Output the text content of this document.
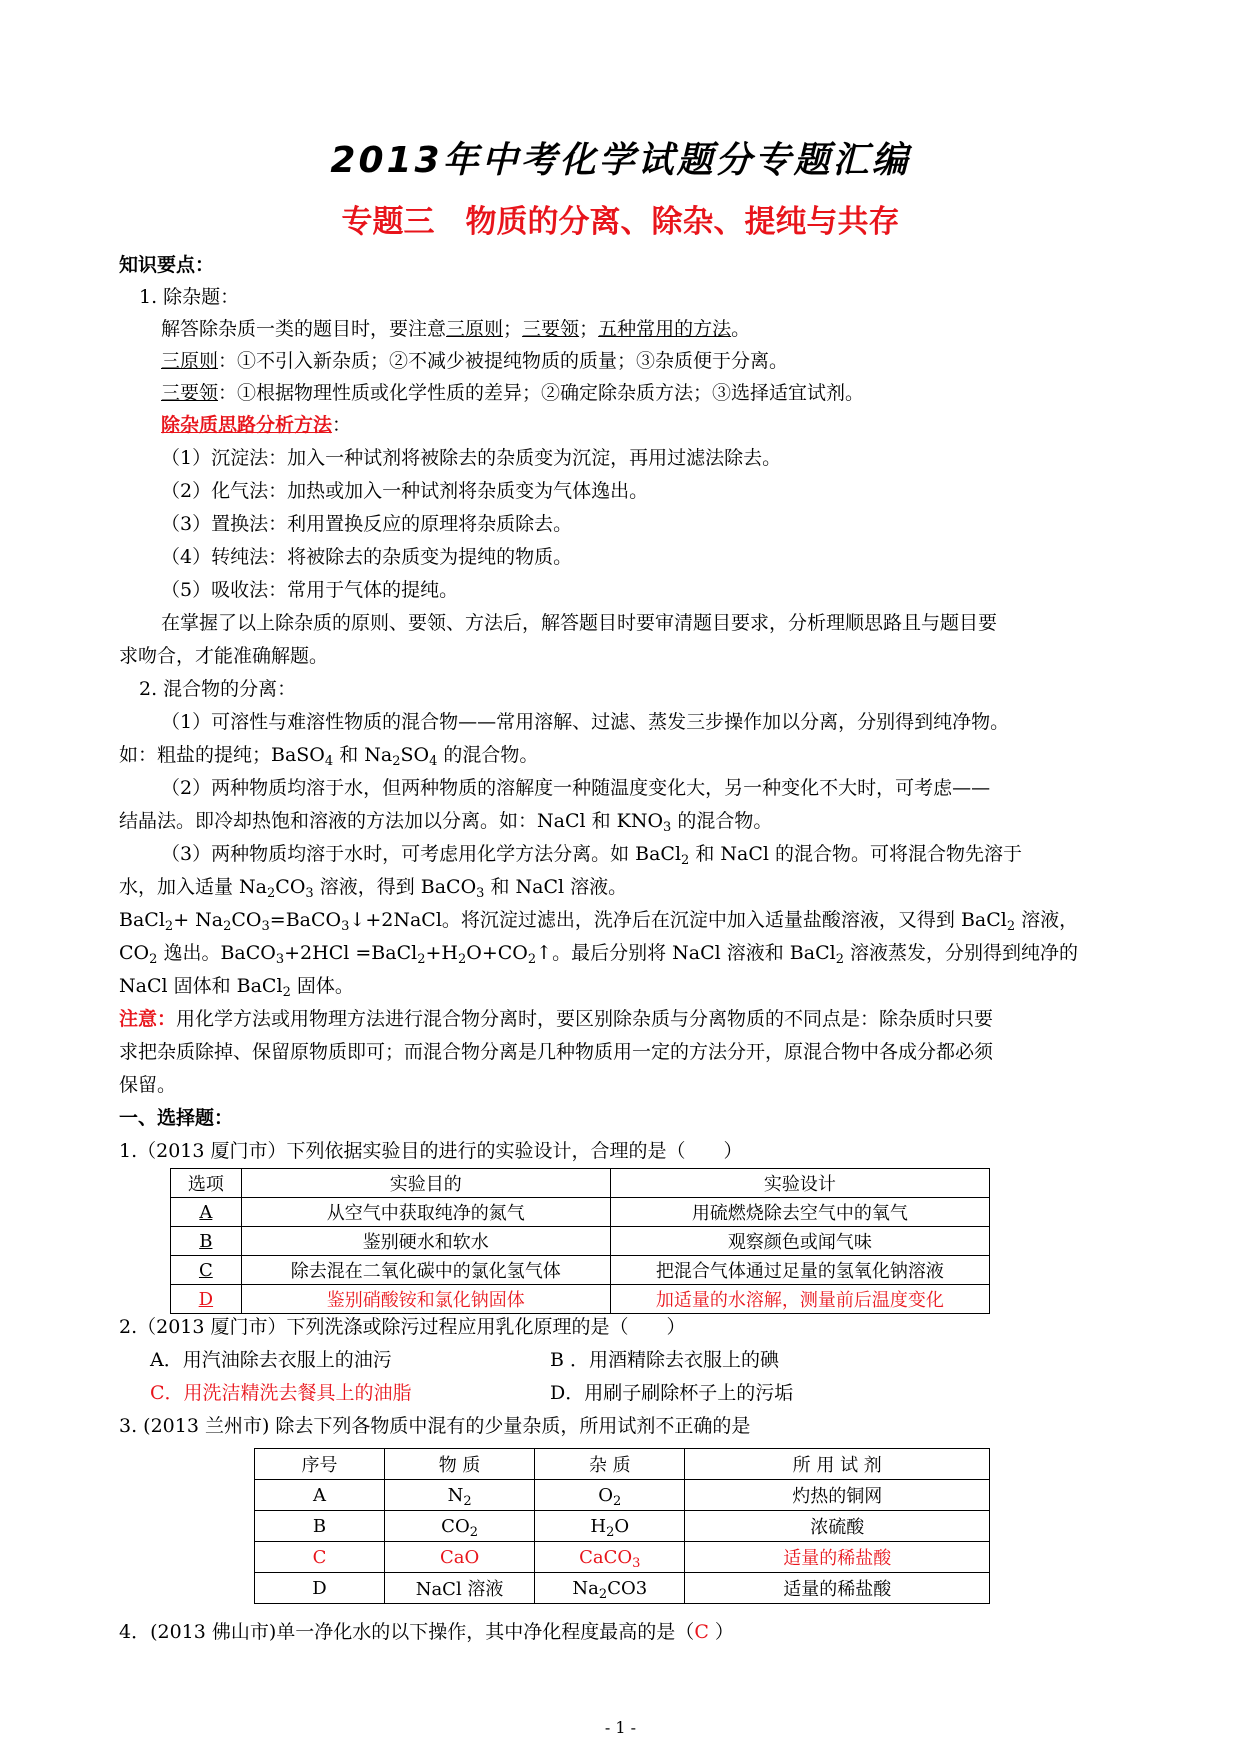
2013年中考化学试题分专题汇编
专题三　物质的分离、除杂、提纯与共存
知识要点：
1. 除杂题：
解答除杂质一类的题目时，要注意三原则；三要领；五种常用的方法。
三原则：①不引入新杂质；②不减少被提纯物质的质量；③杂质便于分离。
三要领：①根据物理性质或化学性质的差异；②确定除杂质方法；③选择适宜试剂。
除杂质思路分析方法：
（1）沉淀法：加入一种试剂将被除去的杂质变为沉淀，再用过滤法除去。
（2）化气法：加热或加入一种试剂将杂质变为气体逸出。
（3）置换法：利用置换反应的原理将杂质除去。
（4）转纯法：将被除去的杂质变为提纯的物质。
（5）吸收法：常用于气体的提纯。
在掌握了以上除杂质的原则、要领、方法后，解答题目时要审清题目要求，分析理顺思路且与题目要
求吻合，才能准确解题。
2. 混合物的分离：
（1）可溶性与难溶性物质的混合物——常用溶解、过滤、蒸发三步操作加以分离，分别得到纯净物。
如：粗盐的提纯；BaSO$_4$ 和 $Na_2SO_4$ 的混合物。
（2）两种物质均溶于水，但两种物质的溶解度一种随温度变化大，另一种变化不大时，可考虑——
结晶法。即冷却热饱和溶液的方法加以分离。如：NaCl 和 $KNO_3$ 的混合物。
（3）两种物质均溶于水时，可考虑用化学方法分离。如 BaCl$_2$ 和 NaCl 的混合物。可将混合物先溶于
水，加入适量 $Na_2CO_3$ 溶液，得到 BaCO$_3$ 和 NaCl 溶液。
BaCl$_2$+ $Na_2CO_3=BaCO_3↓+2NaCl$。将沉淀过滤出，洗净后在沉淀中加入适量盐酸溶液，又得到 BaCl$_2$ 溶液，
$CO_2$ 逸出。BaCO$_3$+2HCl $=BaCl_2+H_2O+CO_2↑$。最后分别将 NaCl 溶液和 BaCl$_2$ 溶液蒸发，分别得到纯净的
NaCl 固体和 BaCl$_2$ 固体。
注意：用化学方法或用物理方法进行混合物分离时，要区别除杂质与分离物质的不同点是：除杂质时只要
求把杂质除掉、保留原物质即可；而混合物分离是几种物质用一定的方法分开，原混合物中各成分都必须
保留。
一、选择题：
1.（2013 厦门市）下列依据实验目的进行的实验设计，合理的是（　　）
选项	实验目的	实验设计
A	从空气中获取纯净的氮气	用硫燃烧除去空气中的氧气
B	鉴别硬水和软水	观察颜色或闻气味
C	除去混在二氧化碳中的氯化氢气体	把混合气体通过足量的氢氧化钠溶液
D	鉴别硝酸铵和氯化钠固体	加适量的水溶解，测量前后温度变化
2.（2013 厦门市）下列洗涤或除污过程应用乳化原理的是（　　）
A．用汽油除去衣服上的油污	B ．用酒精除去衣服上的碘
C．用洗洁精洗去餐具上的油脂	D．用刷子刷除杯子上的污垢
3. (2013 兰州市) 除去下列各物质中混有的少量杂质，所用试剂不正确的是
序号	物 质	杂 质	所 用 试 剂
A	$N_2$	$O_2$	灼热的铜网
B	$CO_2$	$H_2O$	浓硫酸
C	CaO	CaCO$_3$	适量的稀盐酸
D	NaCl 溶液	$Na_2CO3$	适量的稀盐酸
4．(2013 佛山市)单一净化水的以下操作，其中净化程度最高的是（C ）
- 1 -
